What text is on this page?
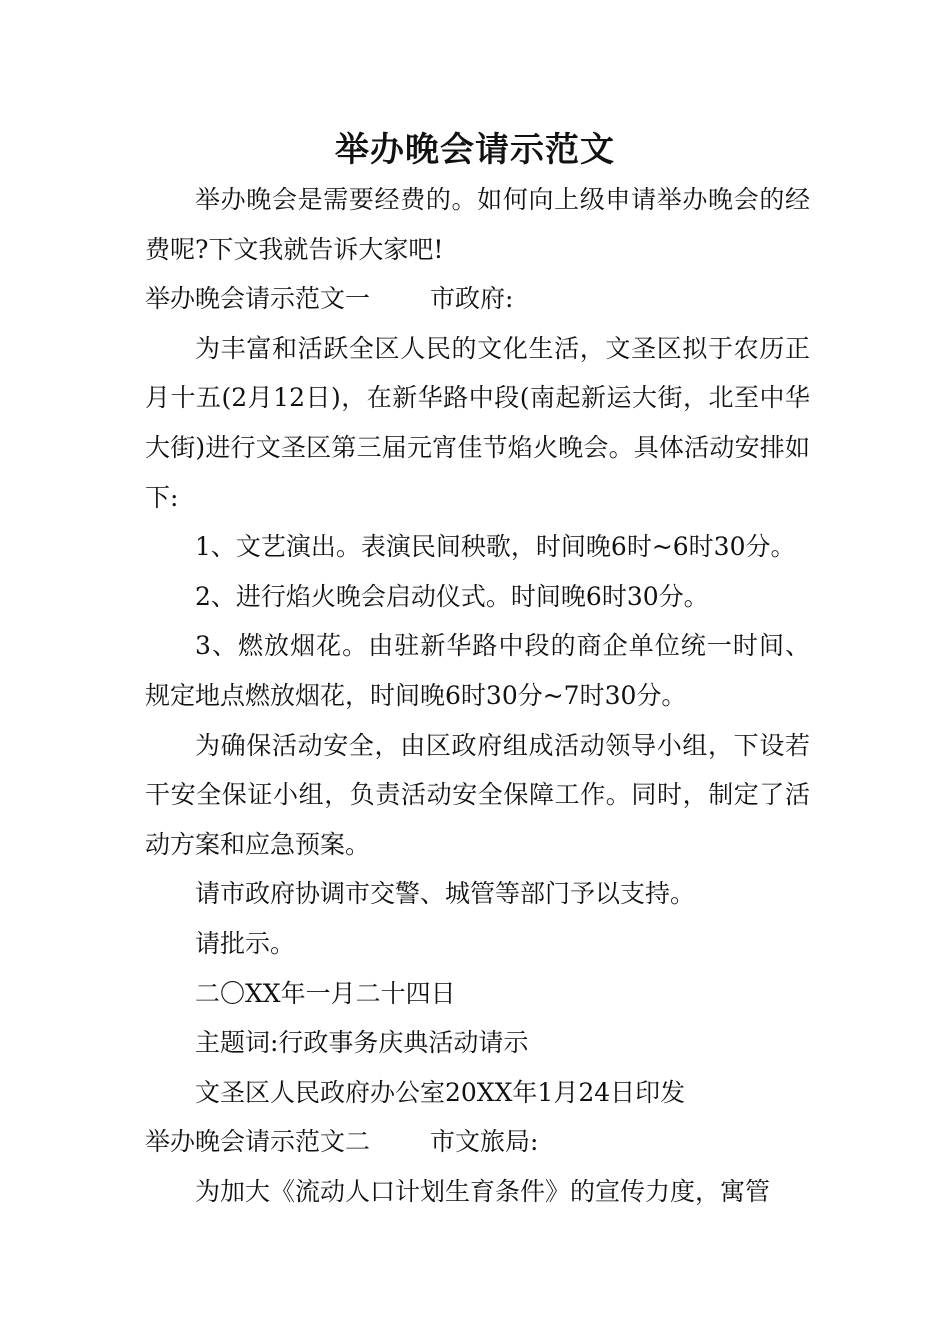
举办晚会请示范文

举办晚会是需要经费的。如何向上级申请举办晚会的经费呢?下文我就告诉大家吧!

举办晚会请示范文一 市政府:

为丰富和活跃全区人民的文化生活，文圣区拟于农历正月十五(2月12日)，在新华路中段(南起新运大街，北至中华大街)进行文圣区第三届元宵佳节焰火晚会。具体活动安排如下:

1、文艺演出。表演民间秧歌，时间晚6时~6时30分。

2、进行焰火晚会启动仪式。时间晚6时30分。

3、燃放烟花。由驻新华路中段的商企单位统一时间、规定地点燃放烟花，时间晚6时30分~7时30分。

为确保活动安全，由区政府组成活动领导小组，下设若干安全保证小组，负责活动安全保障工作。同时，制定了活动方案和应急预案。

请市政府协调市交警、城管等部门予以支持。

请批示。

二〇XX年一月二十四日

主题词:行政事务庆典活动请示

文圣区人民政府办公室20XX年1月24日印发

举办晚会请示范文二 市文旅局:

为加大《流动人口计划生育条件》的宣传力度，寓管
